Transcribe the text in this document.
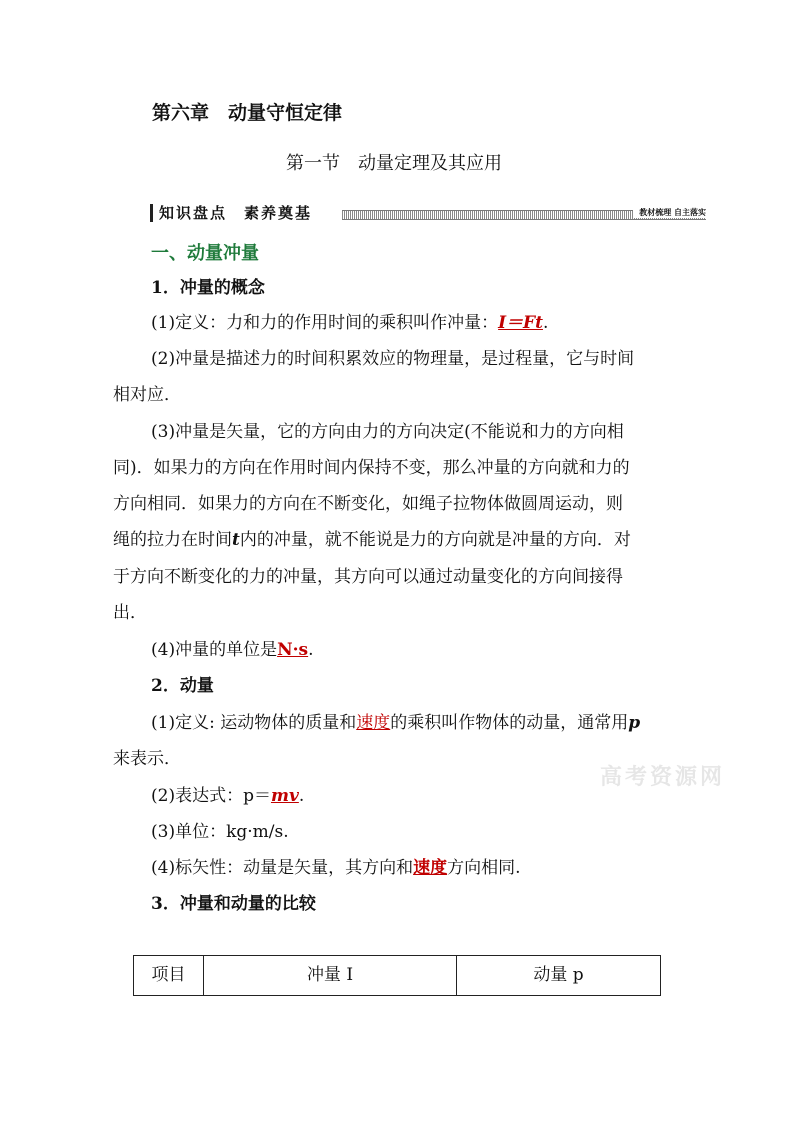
第六章　动量守恒定律
第一节　动量定理及其应用
知识盘点　素养奠基	教材梳理 自主落实
一、动量冲量
1．冲量的概念
(1)定义：力和力的作用时间的乘积叫作冲量：I＝Ft.
(2)冲量是描述力的时间积累效应的物理量，是过程量，它与时间
相对应．
(3)冲量是矢量，它的方向由力的方向决定(不能说和力的方向相
同)．如果力的方向在作用时间内保持不变，那么冲量的方向就和力的
方向相同．如果力的方向在不断变化，如绳子拉物体做圆周运动，则
绳的拉力在时间t内的冲量，就不能说是力的方向就是冲量的方向．对
于方向不断变化的力的冲量，其方向可以通过动量变化的方向间接得
出．
(4)冲量的单位是N·s.
2．动量
(1)定义: 运动物体的质量和速度的乘积叫作物体的动量，通常用p
来表示．
(2)表达式：p＝mv.
(3)单位：kg·m/s.
(4)标矢性：动量是矢量，其方向和速度方向相同.
3．冲量和动量的比较
高考资源网
项目	冲量 I	动量 p
